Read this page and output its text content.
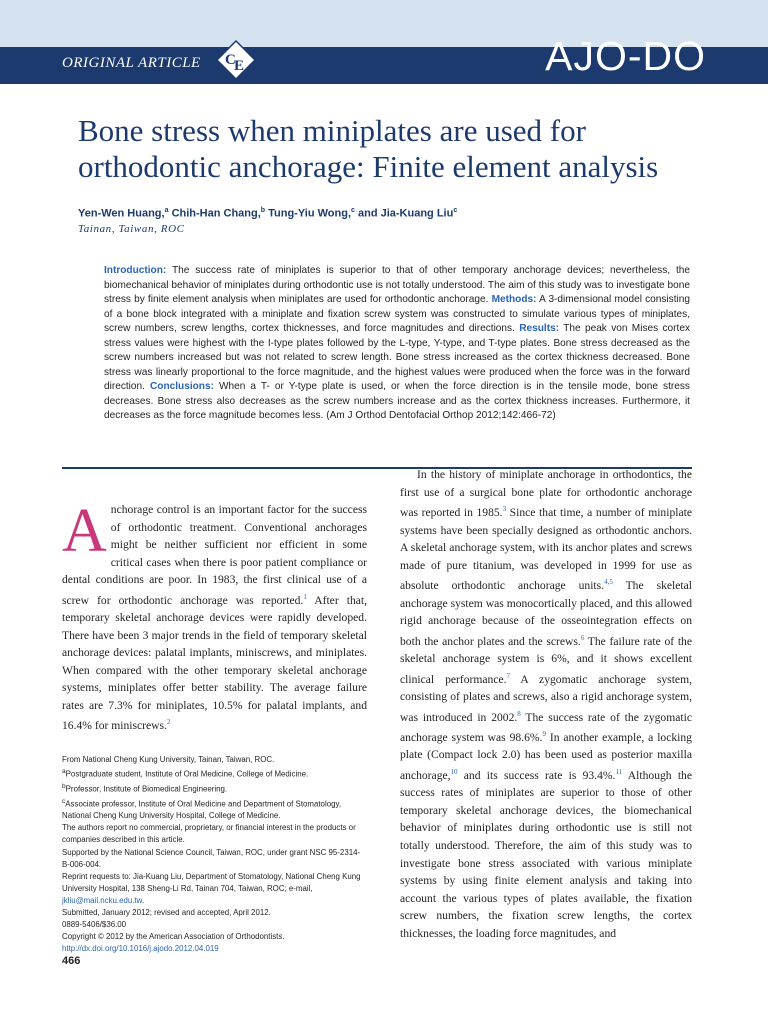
ORIGINAL ARTICLE C
E	AJO-DO
Bone stress when miniplates are used for orthodontic anchorage: Finite element analysis
Yen-Wen Huang,$^a$ Chih-Han Chang,$^b$ Tung-Yiu Wong,$^c$ and Jia-Kuang Liu$^c$
Tainan, Taiwan, ROC

Introduction: The success rate of miniplates is superior to that of other temporary anchorage devices; nevertheless, the biomechanical behavior of miniplates during orthodontic use is not totally understood. The aim of this study was to investigate bone stress by finite element analysis when miniplates are used for orthodontic anchorage. Methods: A 3-dimensional model consisting of a bone block integrated with a miniplate and fixation screw system was constructed to simulate various types of miniplates, screw numbers, screw lengths, cortex thicknesses, and force magnitudes and directions. Results: The peak von Mises cortex stress values were highest with the I-type plates followed by the L-type, Y-type, and T-type plates. Bone stress decreased as the screw numbers increased but was not related to screw length. Bone stress increased as the cortex thickness decreased. Bone stress was linearly proportional to the force magnitude, and the highest values were produced when the force was in the forward direction. Conclusions: When a T- or Y-type plate is used, or when the force direction is in the tensile mode, bone stress decreases. Bone stress also decreases as the screw numbers increase and as the cortex thickness increases. Furthermore, it decreases as the force magnitude becomes less. (Am J Orthod Dentofacial Orthop 2012;142:466-72)

Anchorage control is an important factor for the success of orthodontic treatment. Conventional anchorages might be neither sufficient nor efficient in some critical cases when there is poor patient compliance or dental conditions are poor. In 1983, the first clinical use of a screw for orthodontic anchorage was reported.$^1$ After that, temporary skeletal anchorage devices were rapidly developed. There have been 3 major trends in the field of temporary skeletal anchorage devices: palatal implants, miniscrews, and miniplates. When compared with the other temporary skeletal anchorage systems, miniplates offer better stability. The average failure rates are 7.3% for miniplates, 10.5% for palatal implants, and 16.4% for miniscrews.$^2$

In the history of miniplate anchorage in orthodontics, the first use of a surgical bone plate for orthodontic anchorage was reported in 1985.$^3$ Since that time, a number of miniplate systems have been specially designed as orthodontic anchors. A skeletal anchorage system, with its anchor plates and screws made of pure titanium, was developed in 1999 for use as absolute orthodontic anchorage units.$^{4,5}$ The skeletal anchorage system was monocortically placed, and this allowed rigid anchorage because of the osseointegration effects on both the anchor plates and the screws.$^6$ The failure rate of the skeletal anchorage system is 6%, and it shows excellent clinical performance.$^7$ A zygomatic anchorage system, consisting of plates and screws, also a rigid anchorage system, was introduced in 2002.$^8$ The success rate of the zygomatic anchorage system was 98.6%.$^9$ In another example, a locking plate (Compact lock 2.0) has been used as posterior maxilla anchorage,$^{10}$ and its success rate is 93.4%.$^{11}$ Although the success rates of miniplates are superior to those of other temporary skeletal anchorage devices, the biomechanical behavior of miniplates during orthodontic use is still not totally understood. Therefore, the aim of this study was to investigate bone stress associated with various miniplate systems by using finite element analysis and taking into account the various types of plates available, the fixation screw numbers, the fixation screw lengths, the cortex thicknesses, the loading force magnitudes, and

From National Cheng Kung University, Tainan, Taiwan, ROC.
$^a$Postgraduate student, Institute of Oral Medicine, College of Medicine.
$^b$Professor, Institute of Biomedical Engineering.
$^c$Associate professor, Institute of Oral Medicine and Department of Stomatology, National Cheng Kung University Hospital, College of Medicine.
The authors report no commercial, proprietary, or financial interest in the products or companies described in this article.
Supported by the National Science Council, Taiwan, ROC, under grant NSC 95-2314-B-006-004.
Reprint requests to: Jia-Kuang Liu, Department of Stomatology, National Cheng Kung University Hospital, 138 Sheng-Li Rd, Tainan 704, Taiwan, ROC; e-mail, jkliu@mail.ncku.edu.tw.
Submitted, January 2012; revised and accepted, April 2012.
0889-5406/$36.00
Copyright © 2012 by the American Association of Orthodontists.
http://dx.doi.org/10.1016/j.ajodo.2012.04.019
466
